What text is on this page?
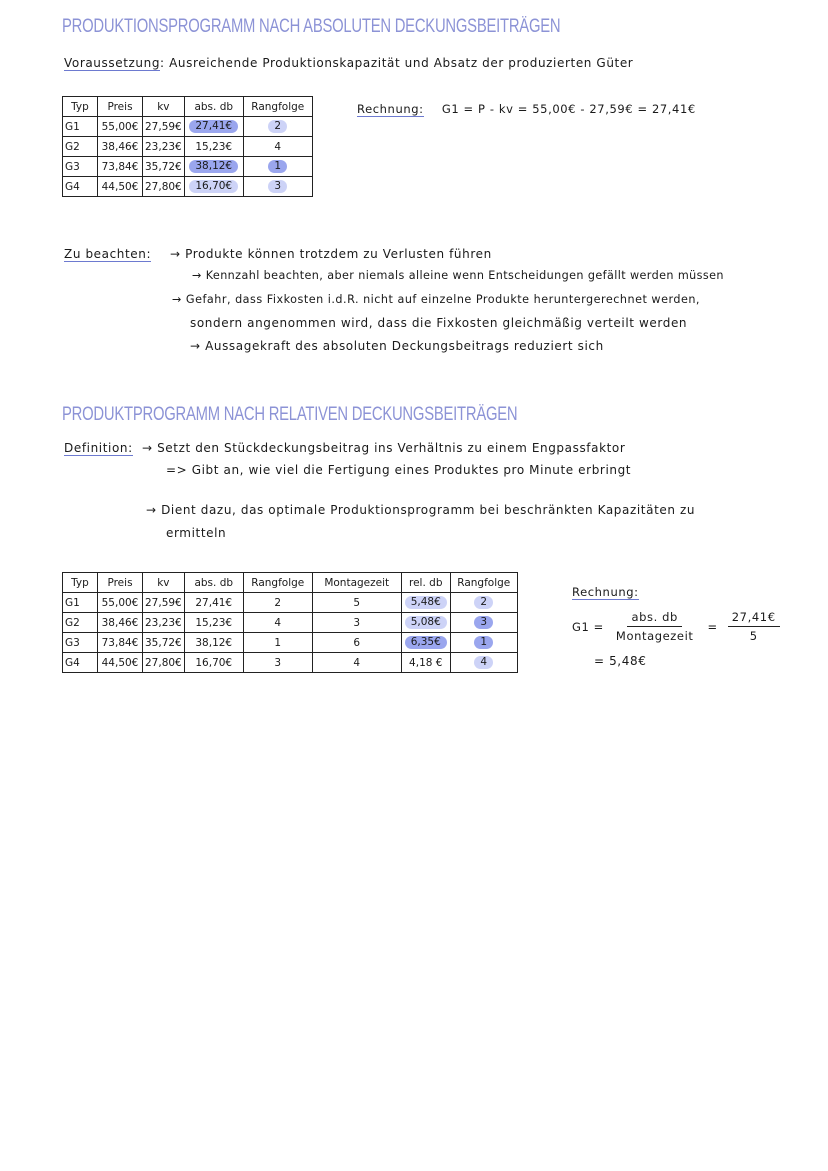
PRODUKTIONSPROGRAMM NACH ABSOLUTEN DECKUNGSBEITRÄGEN
Voraussetzung: Ausreichende Produktionskapazität und Absatz der produzierten Güter
Typ	Preis	kv	abs. db	Rangfolge
G1	55,00€	27,59€	27,41€	2
G2	38,46€	23,23€	15,23€	4
G3	73,84€	35,72€	38,12€	1
G4	44,50€	27,80€	16,70€	3
Rechnung: G1 = P - kv = 55,00€ - 27,59€ = 27,41€
Zu beachten: → Produkte können trotzdem zu Verlusten führen
→ Kennzahl beachten, aber niemals alleine wenn Entscheidungen gefällt werden müssen
→ Gefahr, dass Fixkosten i.d.R. nicht auf einzelne Produkte heruntergerechnet werden,
sondern angenommen wird, dass die Fixkosten gleichmäßig verteilt werden
→ Aussagekraft des absoluten Deckungsbeitrags reduziert sich
PRODUKTPROGRAMM NACH RELATIVEN DECKUNGSBEITRÄGEN
Definition: → Setzt den Stückdeckungsbeitrag ins Verhältnis zu einem Engpassfaktor
=> Gibt an, wie viel die Fertigung eines Produktes pro Minute erbringt
→ Dient dazu, das optimale Produktionsprogramm bei beschränkten Kapazitäten zu
ermitteln
Typ	Preis	kv	abs. db	Rangfolge	Montagezeit	rel. db	Rangfolge
G1	55,00€	27,59€	27,41€	2	5	5,48€	2
G2	38,46€	23,23€	15,23€	4	3	5,08€	3
G3	73,84€	35,72€	38,12€	1	6	6,35€	1
G4	44,50€	27,80€	16,70€	3	4	4,18 €	4
Rechnung:
$G1 = \frac{\text{abs. db}}{\text{Montagezeit}} = \frac{27,41€}{5}$
= 5,48€
